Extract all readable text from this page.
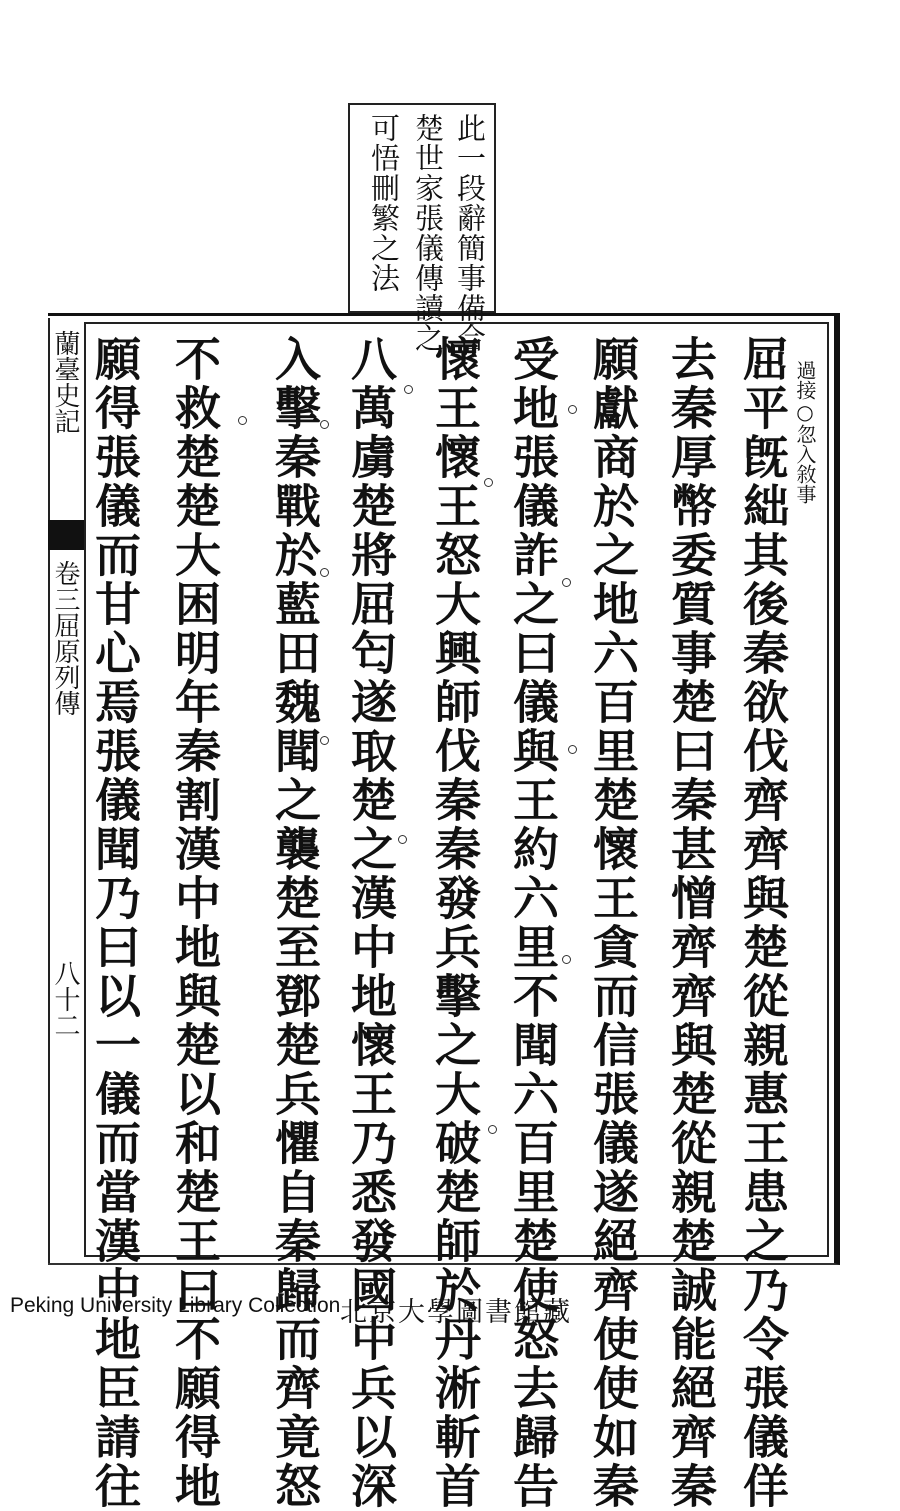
此一段辭簡事備合
楚世家張儀傳讀之
可悟刪繁之法
蘭臺史記
卷三屈原列傳
八十二
過接○忽入敘事
屈平旣絀其後秦欲伐齊齊與楚從親惠王患之乃令張儀佯
去秦厚幣委質事楚曰秦甚憎齊齊與楚從親楚誠能絕齊秦
願獻商於之地六百里楚懷王貪而信張儀遂絕齊使使如秦
受地張儀詐之曰儀與王約六里不聞六百里楚使怒去歸告
懷王懷王怒大興師伐秦秦發兵擊之大破楚師於丹淅斬首
八萬虜楚將屈匄遂取楚之漢中地懷王乃悉發國中兵以深
入擊秦戰於藍田魏聞之襲楚至鄧楚兵懼自秦歸而齊竟怒
不救楚楚大困明年秦割漢中地與楚以和楚王曰不願得地
願得張儀而甘心焉張儀聞乃曰以一儀而當漢中地臣請往
Peking University Library Collection 北京大學圖書館藏
